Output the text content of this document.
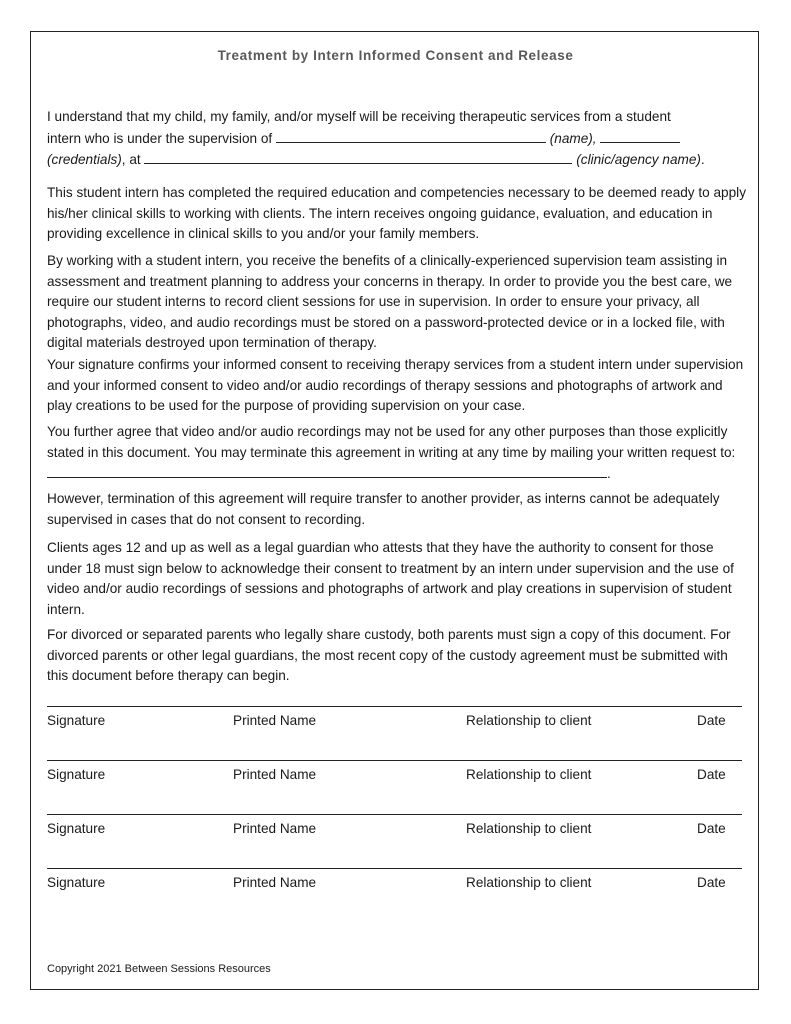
Treatment by Intern Informed Consent and Release
I understand that my child, my family, and/or myself will be receiving therapeutic services from a student
intern who is under the supervision of	(name),
(credentials), at	(clinic/agency name).

This student intern has completed the required education and competencies necessary to be deemed ready to apply his/her clinical skills to working with clients. The intern receives ongoing guidance, evaluation, and education in providing excellence in clinical skills to you and/or your family members.

By working with a student intern, you receive the benefits of a clinically-experienced supervision team assisting in assessment and treatment planning to address your concerns in therapy. In order to provide you the best care, we require our student interns to record client sessions for use in supervision. In order to ensure your privacy, all photographs, video, and audio recordings must be stored on a password-protected device or in a locked file, with digital materials destroyed upon termination of therapy.

Your signature confirms your informed consent to receiving therapy services from a student intern under supervision and your informed consent to video and/or audio recordings of therapy sessions and photographs of artwork and play creations to be used for the purpose of providing supervision on your case.

You further agree that video and/or audio recordings may not be used for any other purposes than those explicitly stated in this document. You may terminate this agreement in writing at any time by mailing your written request to: .

However, termination of this agreement will require transfer to another provider, as interns cannot be adequately supervised in cases that do not consent to recording.

Clients ages 12 and up as well as a legal guardian who attests that they have the authority to consent for those under 18 must sign below to acknowledge their consent to treatment by an intern under supervision and the use of video and/or audio recordings of sessions and photographs of artwork and play creations in supervision of student intern.

For divorced or separated parents who legally share custody, both parents must sign a copy of this document. For divorced parents or other legal guardians, the most recent copy of the custody agreement must be submitted with this document before therapy can begin.

Signature	Printed Name	Relationship to client	Date
Signature	Printed Name	Relationship to client	Date
Signature	Printed Name	Relationship to client	Date
Signature	Printed Name	Relationship to client	Date
Copyright 2021 Between Sessions Resources
